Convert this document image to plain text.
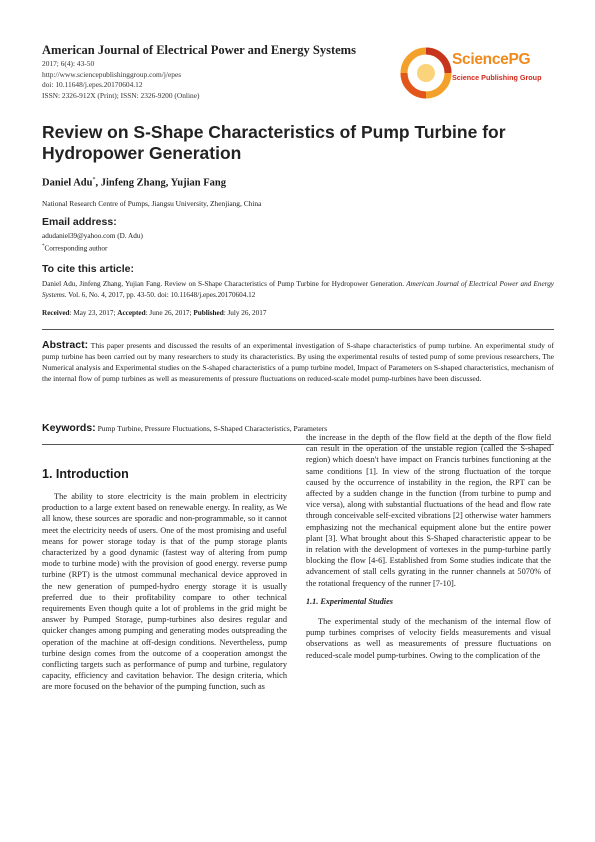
American Journal of Electrical Power and Energy Systems
2017; 6(4): 43-50
http://www.sciencepublishinggroup.com/j/epes
doi: 10.11648/j.epes.20170604.12
ISSN: 2326-912X (Print); ISSN: 2326-9200 (Online)
SciencePG
Science Publishing Group
Review on S-Shape Characteristics of Pump Turbine for Hydropower Generation
Daniel Adu*, Jinfeng Zhang, Yujian Fang
National Research Centre of Pumps, Jiangsu University, Zhenjiang, China
Email address:
adudaniel39@yahoo.com (D. Adu)
*Corresponding author
To cite this article:
Daniel Adu, Jinfeng Zhang, Yujian Fang. Review on S-Shape Characteristics of Pump Turbine for Hydropower Generation. American Journal of Electrical Power and Energy Systems. Vol. 6, No. 4, 2017, pp. 43-50. doi: 10.11648/j.epes.20170604.12
Received: May 23, 2017; Accepted: June 26, 2017; Published: July 26, 2017
Abstract: This paper presents and discussed the results of an experimental investigation of S-shape characteristics of pump turbine. An experimental study of pump turbine has been carried out by many researchers to study its characteristics. By using the experimental results of tested pump of some previous researchers, The Numerical analysis and Experimental studies on the S-shaped characteristics of a pump turbine model, Impact of Parameters on S-shaped characteristics, mechanism of the internal flow of pump turbines as well as measurements of pressure fluctuations on reduced-scale model pump-turbines have been discussed.
Keywords: Pump Turbine, Pressure Fluctuations, S-Shaped Characteristics, Parameters
1. Introduction

The ability to store electricity is the main problem in electricity production to a large extent based on renewable energy. In reality, as We all know, these sources are sporadic and non-programmable, so it cannot meet the electricity needs of users. One of the most promising and useful means for power storage today is that of the pump storage plants characterized by a good dynamic (fastest way of altering from pump mode to turbine mode) with the provision of good energy. reverse pump turbine (RPT) is the utmost communal mechanical device approved in the new generation of pumped-hydro energy storage it is usually preferred due to their profitability compare to other technical requirements Even though quite a lot of problems in the grid might be answer by Pumped Storage, pump-turbines also desires regular and quicker changes among pumping and generating modes outspreading the operation of the machine at off-design conditions. Nevertheless, pump turbine design comes from the outcome of a cooperation amongst the conflicting targets such as performance of pump and turbine, regulatory capacity, efficiency and cavitation behavior. The design criteria, which are more focused on the behavior of the pumping function, such as

the increase in the depth of the flow field at the depth of the flow field can result in the operation of the unstable region (called the S-shaped region) which doesn't have impact on Francis turbines functioning at the same conditions [1]. In view of the strong fluctuation of the torque caused by the occurrence of instability in the region, the RPT can be affected by a sudden change in the function (from turbine to pump and vice versa), along with substantial fluctuations of the head and flow rate through conceivable self-excited vibrations [2] otherwise water hammers emphasizing not the mechanical equipment alone but the entire power plant [3]. What brought about this S-Shaped characteristic appear to be in relation with the development of vortexes in the pump-turbine partly blocking the flow [4-6]. Established from Some studies indicate that the advancement of stall cells gyrating in the runner channels at 5070% of the rotational frequency of the runner [7-10].

1.1. Experimental Studies

The experimental study of the mechanism of the internal flow of pump turbines comprises of velocity fields measurements and visual observations as well as measurements of pressure fluctuations on reduced-scale model pump-turbines. Owing to the complication of the
